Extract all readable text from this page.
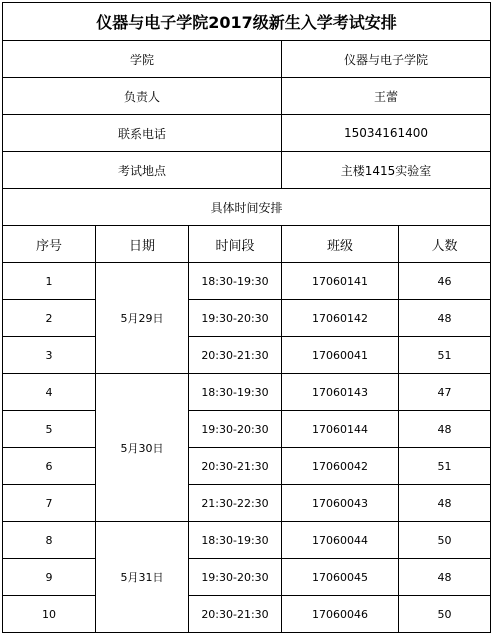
仪器与电子学院2017级新生入学考试安排				
学院			仪器与电子学院	
负责人			王蕾	
联系电话			15034161400	
考试地点			主楼1415实验室	
具体时间安排				
序号	日期	时间段	班级	人数
1	5月29日	18:30-19:30	17060141	46
2		19:30-20:30	17060142	48
3		20:30-21:30	17060041	51
4	5月30日	18:30-19:30	17060143	47
5		19:30-20:30	17060144	48
6		20:30-21:30	17060042	51
7		21:30-22:30	17060043	48
8	5月31日	18:30-19:30	17060044	50
9		19:30-20:30	17060045	48
10		20:30-21:30	17060046	50
